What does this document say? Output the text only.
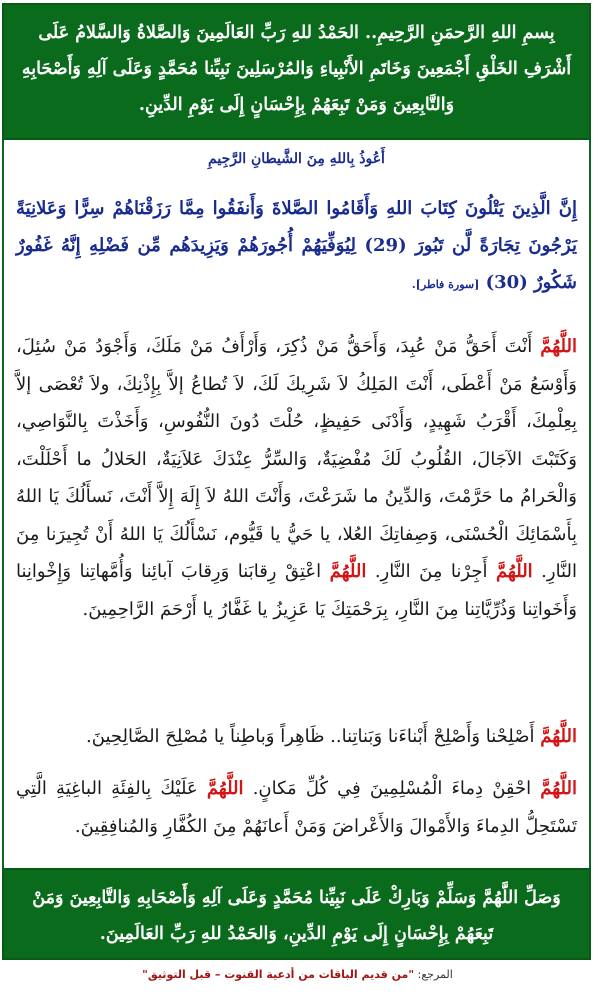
بِسمِ اللهِ الرَّحمَنِ الرَّحِيمِ.. الحَمْدُ للهِ رَبِّ العَالَمِينَ وَالصَّلاةُ وَالسَّلامُ عَلَى أَشْرَفِ الخَلْقِ أَجْمَعِينَ وَخَاتَمِ الأَنْبِياءِ وَالمُرْسَلِينَ نَبِيِّنا مُحَمَّدٍ وَعَلَى آلِهِ وَأَصْحَابِهِ وَالتَّابِعِينَ وَمَنْ تَبِعَهُمْ بِإِحْسَانٍ إِلَى يَوْمِ الدِّينِ.
أَعُوذُ بِاللهِ مِنَ الشَّيطانِ الرَّجِيمِ
إِنَّ الَّذِينَ يَتْلُونَ كِتَابَ اللهِ وَأَقَامُوا الصَّلاةَ وَأَنفَقُوا مِمَّا رَزَقْنَاهُمْ سِرًّا وَعَلانِيَةً يَرْجُونَ تِجَارَةً لَّن تَبُورَ (29) لِيُوَفِّيَهُمْ أُجُورَهُمْ وَيَزِيدَهُم مِّن فَضْلِهِ إِنَّهُ غَفُورٌ شَكُورٌ (30) [سورة فاطر].
اللَّهُمَّ أَنْتَ أَحَقُّ مَنْ عُبِدَ، وَأَحَقُّ مَنْ ذُكِرَ، وَأَرْأَفُ مَنْ مَلَكَ، وَأَجْوَدُ مَنْ سُئِلَ، وَأَوْسَعُ مَنْ أَعْطَى، أَنْتَ المَلِكُ لاَ شَرِيكَ لَكَ، لاَ تُطاعُ إلاَّ بِإِذْنِكَ، ولاَ تُعْصَى إلاَّ بِعِلْمِكَ، أَقْرَبُ شَهِيدٍ، وَأَدْنَى حَفِيظٍ، حُلْتَ دُونَ النُّفُوسِ، وَأَخَذْتَ بِالنَّوَاصِي، وَكَتَبْتَ الآجَالَ، القُلُوبُ لَكَ مُفْضِيَةٌ، وَالسِّرُّ عِنْدَكَ عَلاَنِيَةٌ، الحَلالُ ما أَحْلَلْتَ، وَالْحَرامُ ما حَرَّمْتَ، وَالدِّينُ ما شَرَعْتَ، وَأَنْتَ اللهُ لاَ إِلَهَ إِلاَّ أَنْتَ، نَسأَلُكَ يَا اللهُ بِأَسْمَائِكَ الْحُسْنَى، وَصِفاتِكَ العُلا، يا حَيُّ يا قَيُّوم، نَسْأَلُكَ يَا اللهُ أَنْ تُجِيرَنا مِنَ النَّارِ. اللَّهُمَّ أَجِرْنا مِنَ النَّارِ. اللَّهُمَّ اعْتِقْ رِقابَنا وَرِقابَ آبائِنا وَأُمَّهاتِنا وَإِخْوانِنا وَأَخَواتِنا وَذُرِّيَّاتِنا مِنَ النَّارِ، بِرَحْمَتِكَ يَا عَزِيزُ يا غَفَّارُ يا أَرْحَمَ الرَّاحِمِينَ.
اللَّهُمَّ أَصْلِحْنا وَأَصْلِحْ أَبْناءَنا وَبَناتِنا.. ظَاهِراً وَباطِناً يا مُصْلِحَ الصَّالِحِينَ.
اللَّهُمَّ احْقِنْ دِماءَ الْمُسْلِمِينَ فِي كُلِّ مَكانٍ. اللَّهُمَّ عَلَيْكَ بِالفِئَةِ الباغِيَةِ الَّتِي تَسْتَحِلُّ الدِماءَ وَالأَمْوالَ وَالأَعْراضَ وَمَنْ أَعانَهُمْ مِنَ الكُفَّارِ وَالمُنافِقِينَ.
وَصَلِّ اللَّهُمَّ وَسَلِّمْ وَبَارِكْ عَلَى نَبِيِّنا مُحَمَّدٍ وَعَلَى آلِهِ وَأَصْحَابِهِ وَالتَّابِعِينَ وَمَنْ تَبِعَهُمْ بِإِحْسَانٍ إِلَى يَوْمِ الدِّينِ، وَالحَمْدُ للهِ رَبِّ العَالَمِينَ.
المرجع: "من قديم الباقات من أدعية القنوت – قبل التوثيق"
